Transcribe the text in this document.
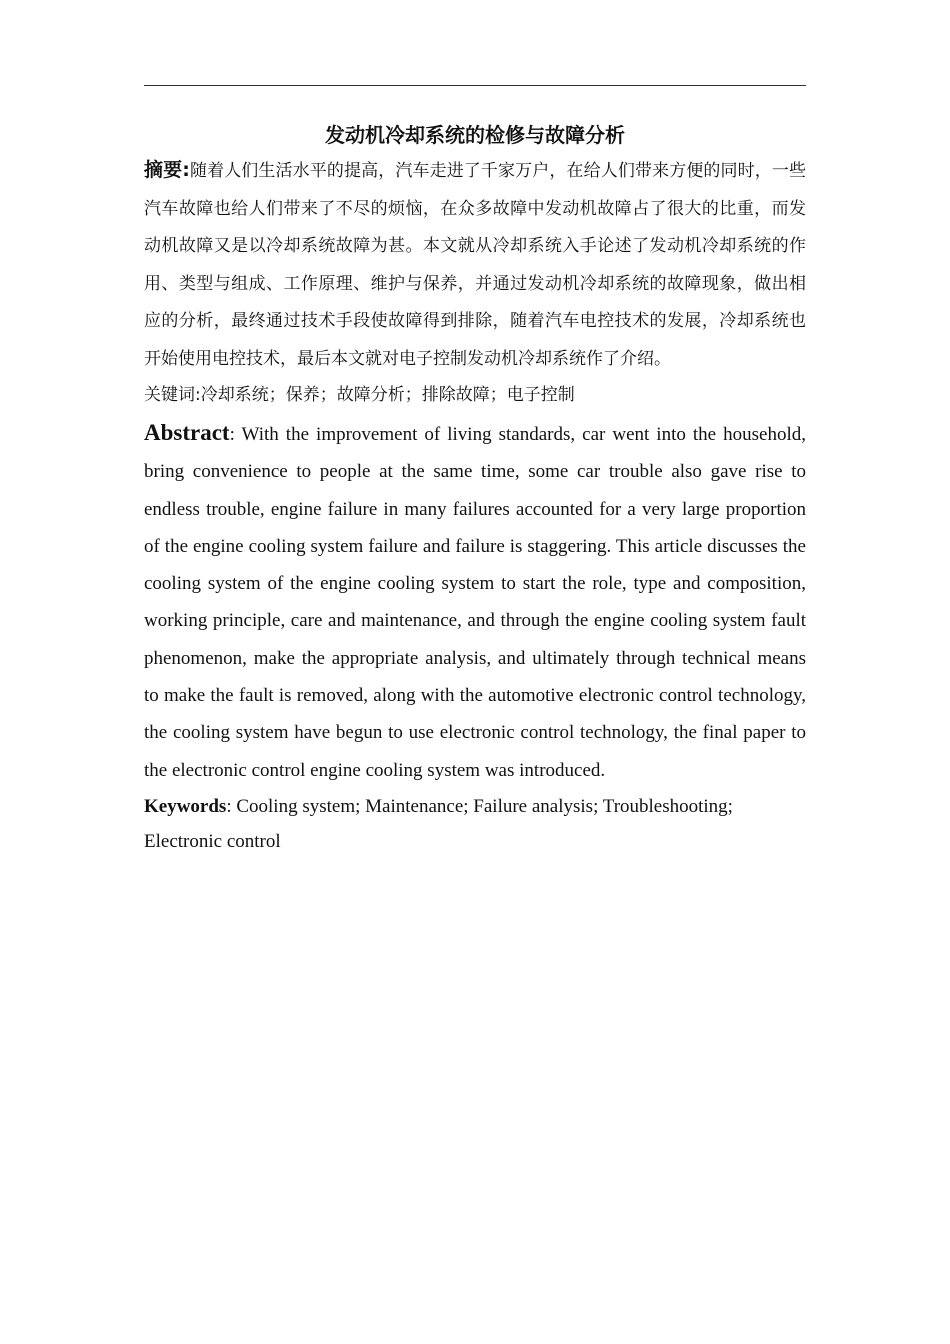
发动机冷却系统的检修与故障分析

摘要:随着人们生活水平的提高，汽车走进了千家万户，在给人们带来方便的同时，一些汽车故障也给人们带来了不尽的烦恼，在众多故障中发动机故障占了很大的比重，而发动机故障又是以冷却系统故障为甚。本文就从冷却系统入手论述了发动机冷却系统的作用、类型与组成、工作原理、维护与保养，并通过发动机冷却系统的故障现象，做出相应的分析，最终通过技术手段使故障得到排除，随着汽车电控技术的发展，冷却系统也开始使用电控技术，最后本文就对电子控制发动机冷却系统作了介绍。

关键词:冷却系统；保养；故障分析；排除故障；电子控制

Abstract: With the improvement of living standards, car went into the household, bring convenience to people at the same time, some car trouble also gave rise to endless trouble, engine failure in many failures accounted for a very large proportion of the engine cooling system failure and failure is staggering. This article discusses the cooling system of the engine cooling system to start the role, type and composition, working principle, care and maintenance, and through the engine cooling system fault phenomenon, make the appropriate analysis, and ultimately through technical means to make the fault is removed, along with the automotive electronic control technology, the cooling system have begun to use electronic control technology, the final paper to the electronic control engine cooling system was introduced.

Keywords: Cooling system; Maintenance; Failure analysis; Troubleshooting;
Electronic control
